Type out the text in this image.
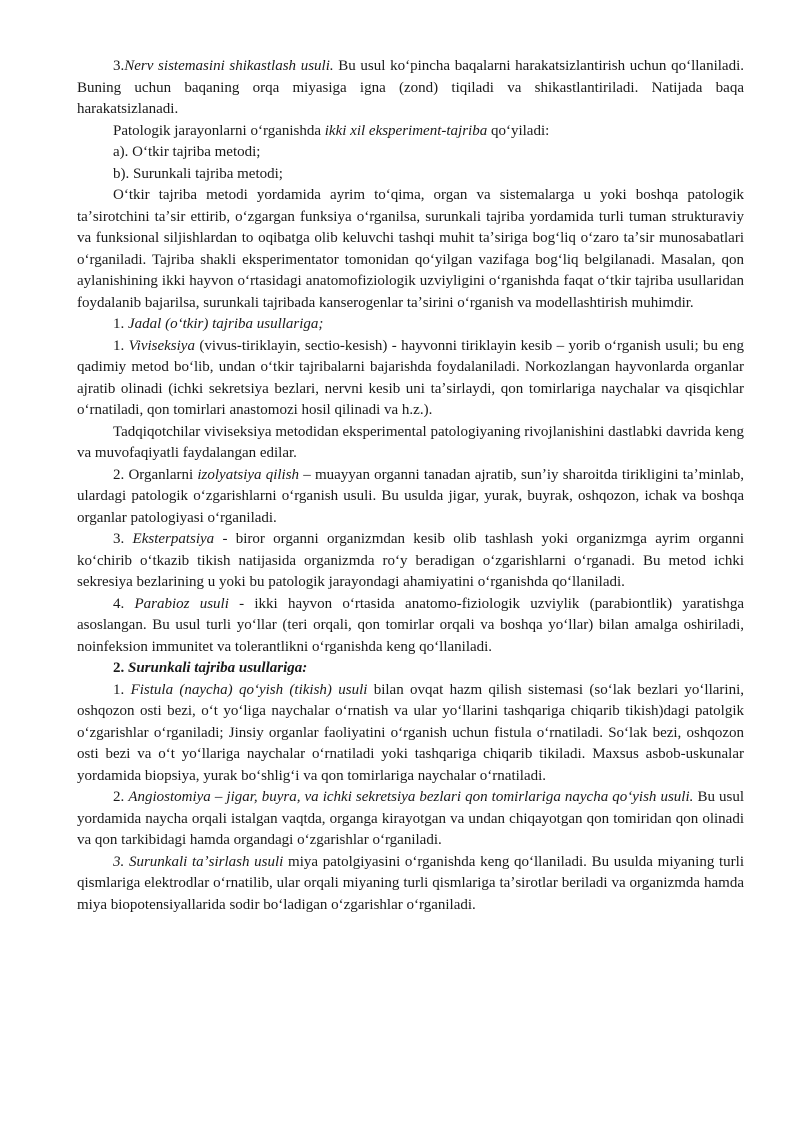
3.Nerv sistemasini shikastlash usuli. Bu usul koʻpincha baqalarni harakatsizlantirish uchun qoʻllaniladi. Buning uchun baqaning orqa miyasiga igna (zond) tiqiladi va shikastlantiriladi. Natijada baqa harakatsizlanadi.

Patologik jarayonlarni oʻrganishda ikki xil eksperiment-tajriba qoʻyiladi:

a). Oʻtkir tajriba metodi;

b). Surunkali tajriba metodi;

Oʻtkir tajriba metodi yordamida ayrim toʻqima, organ va sistemalarga u yoki boshqa patologik taʼsirotchini taʼsir ettirib, oʻzgargan funksiya oʻrganilsa, surunkali tajriba yordamida turli tuman strukturaviy va funksional siljishlardan to oqibatga olib keluvchi tashqi muhit taʼsiriga bogʻliq oʻzaro taʼsir munosabatlari oʻrganiladi. Tajriba shakli eksperimentator tomonidan qoʻyilgan vazifaga bogʻliq belgilanadi. Masalan, qon aylanishining ikki hayvon oʻrtasidagi anatomofiziologik uzviyligini oʻrganishda faqat oʻtkir tajriba usullaridan foydalanib bajarilsa, surunkali tajribada kanserogenlar taʼsirini oʻrganish va modellashtirish muhimdir.

1. Jadal (oʻtkir) tajriba usullariga;

1. Viviseksiya (vivus-tiriklayin, sectio-kesish) - hayvonni tiriklayin kesib – yorib oʻrganish usuli; bu eng qadimiy metod boʻlib, undan oʻtkir tajribalarni bajarishda foydalaniladi. Norkozlangan hayvonlarda organlar ajratib olinadi (ichki sekretsiya bezlari, nervni kesib uni taʼsirlaydi, qon tomirlariga naychalar va qisqichlar oʻrnatiladi, qon tomirlari anastomozi hosil qilinadi va h.z.).

Tadqiqotchilar viviseksiya metodidan eksperimental patologiyaning rivojlanishini dastlabki davrida keng va muvofaqiyatli faydalangan edilar.

2. Organlarni izolyatsiya qilish – muayyan organni tanadan ajratib, sunʼiy sharoitda tirikligini taʼminlab, ulardagi patologik oʻzgarishlarni oʻrganish usuli. Bu usulda jigar, yurak, buyrak, oshqozon, ichak va boshqa organlar patologiyasi oʻrganiladi.

3. Eksterpatsiya - biror organni organizmdan kesib olib tashlash yoki organizmga ayrim organni koʻchirib oʻtkazib tikish natijasida organizmda roʻy beradigan oʻzgarishlarni oʻrganadi. Bu metod ichki sekresiya bezlarining u yoki bu patologik jarayondagi ahamiyatini oʻrganishda qoʻllaniladi.

4. Parabioz usuli - ikki hayvon oʻrtasida anatomo-fiziologik uzviylik (parabiontlik) yaratishga asoslangan. Bu usul turli yoʻllar (teri orqali, qon tomirlar orqali va boshqa yoʻllar) bilan amalga oshiriladi, noinfeksion immunitet va tolerantlikni oʻrganishda keng qoʻllaniladi.

2. Surunkali tajriba usullariga:

1. Fistula (naycha) qoʻyish (tikish) usuli bilan ovqat hazm qilish sistemasi (soʻlak bezlari yoʻllarini, oshqozon osti bezi, oʻt yoʻliga naychalar oʻrnatish va ular yoʻllarini tashqariga chiqarib tikish)dagi patolgik oʻzgarishlar oʻrganiladi; Jinsiy organlar faoliyatini oʻrganish uchun fistula oʻrnatiladi. Soʻlak bezi, oshqozon osti bezi va oʻt yoʻllariga naychalar oʻrnatiladi yoki tashqariga chiqarib tikiladi. Maxsus asbob-uskunalar yordamida biopsiya, yurak boʻshligʻi va qon tomirlariga naychalar oʻrnatiladi.

2. Angiostomiya – jigar, buyra, va ichki sekretsiya bezlari qon tomirlariga naycha qoʻyish usuli. Bu usul yordamida naycha orqali istalgan vaqtda, organga kirayotgan va undan chiqayotgan qon tomiridan qon olinadi va qon tarkibidagi hamda organdagi oʻzgarishlar oʻrganiladi.

3. Surunkali taʼsirlash usuli miya patolgiyasini oʻrganishda keng qoʻllaniladi. Bu usulda miyaning turli qismlariga elektrodlar oʻrnatilib, ular orqali miyaning turli qismlariga taʼsirotlar beriladi va organizmda hamda miya biopotensiyallarida sodir boʻladigan oʻzgarishlar oʻrganiladi.
